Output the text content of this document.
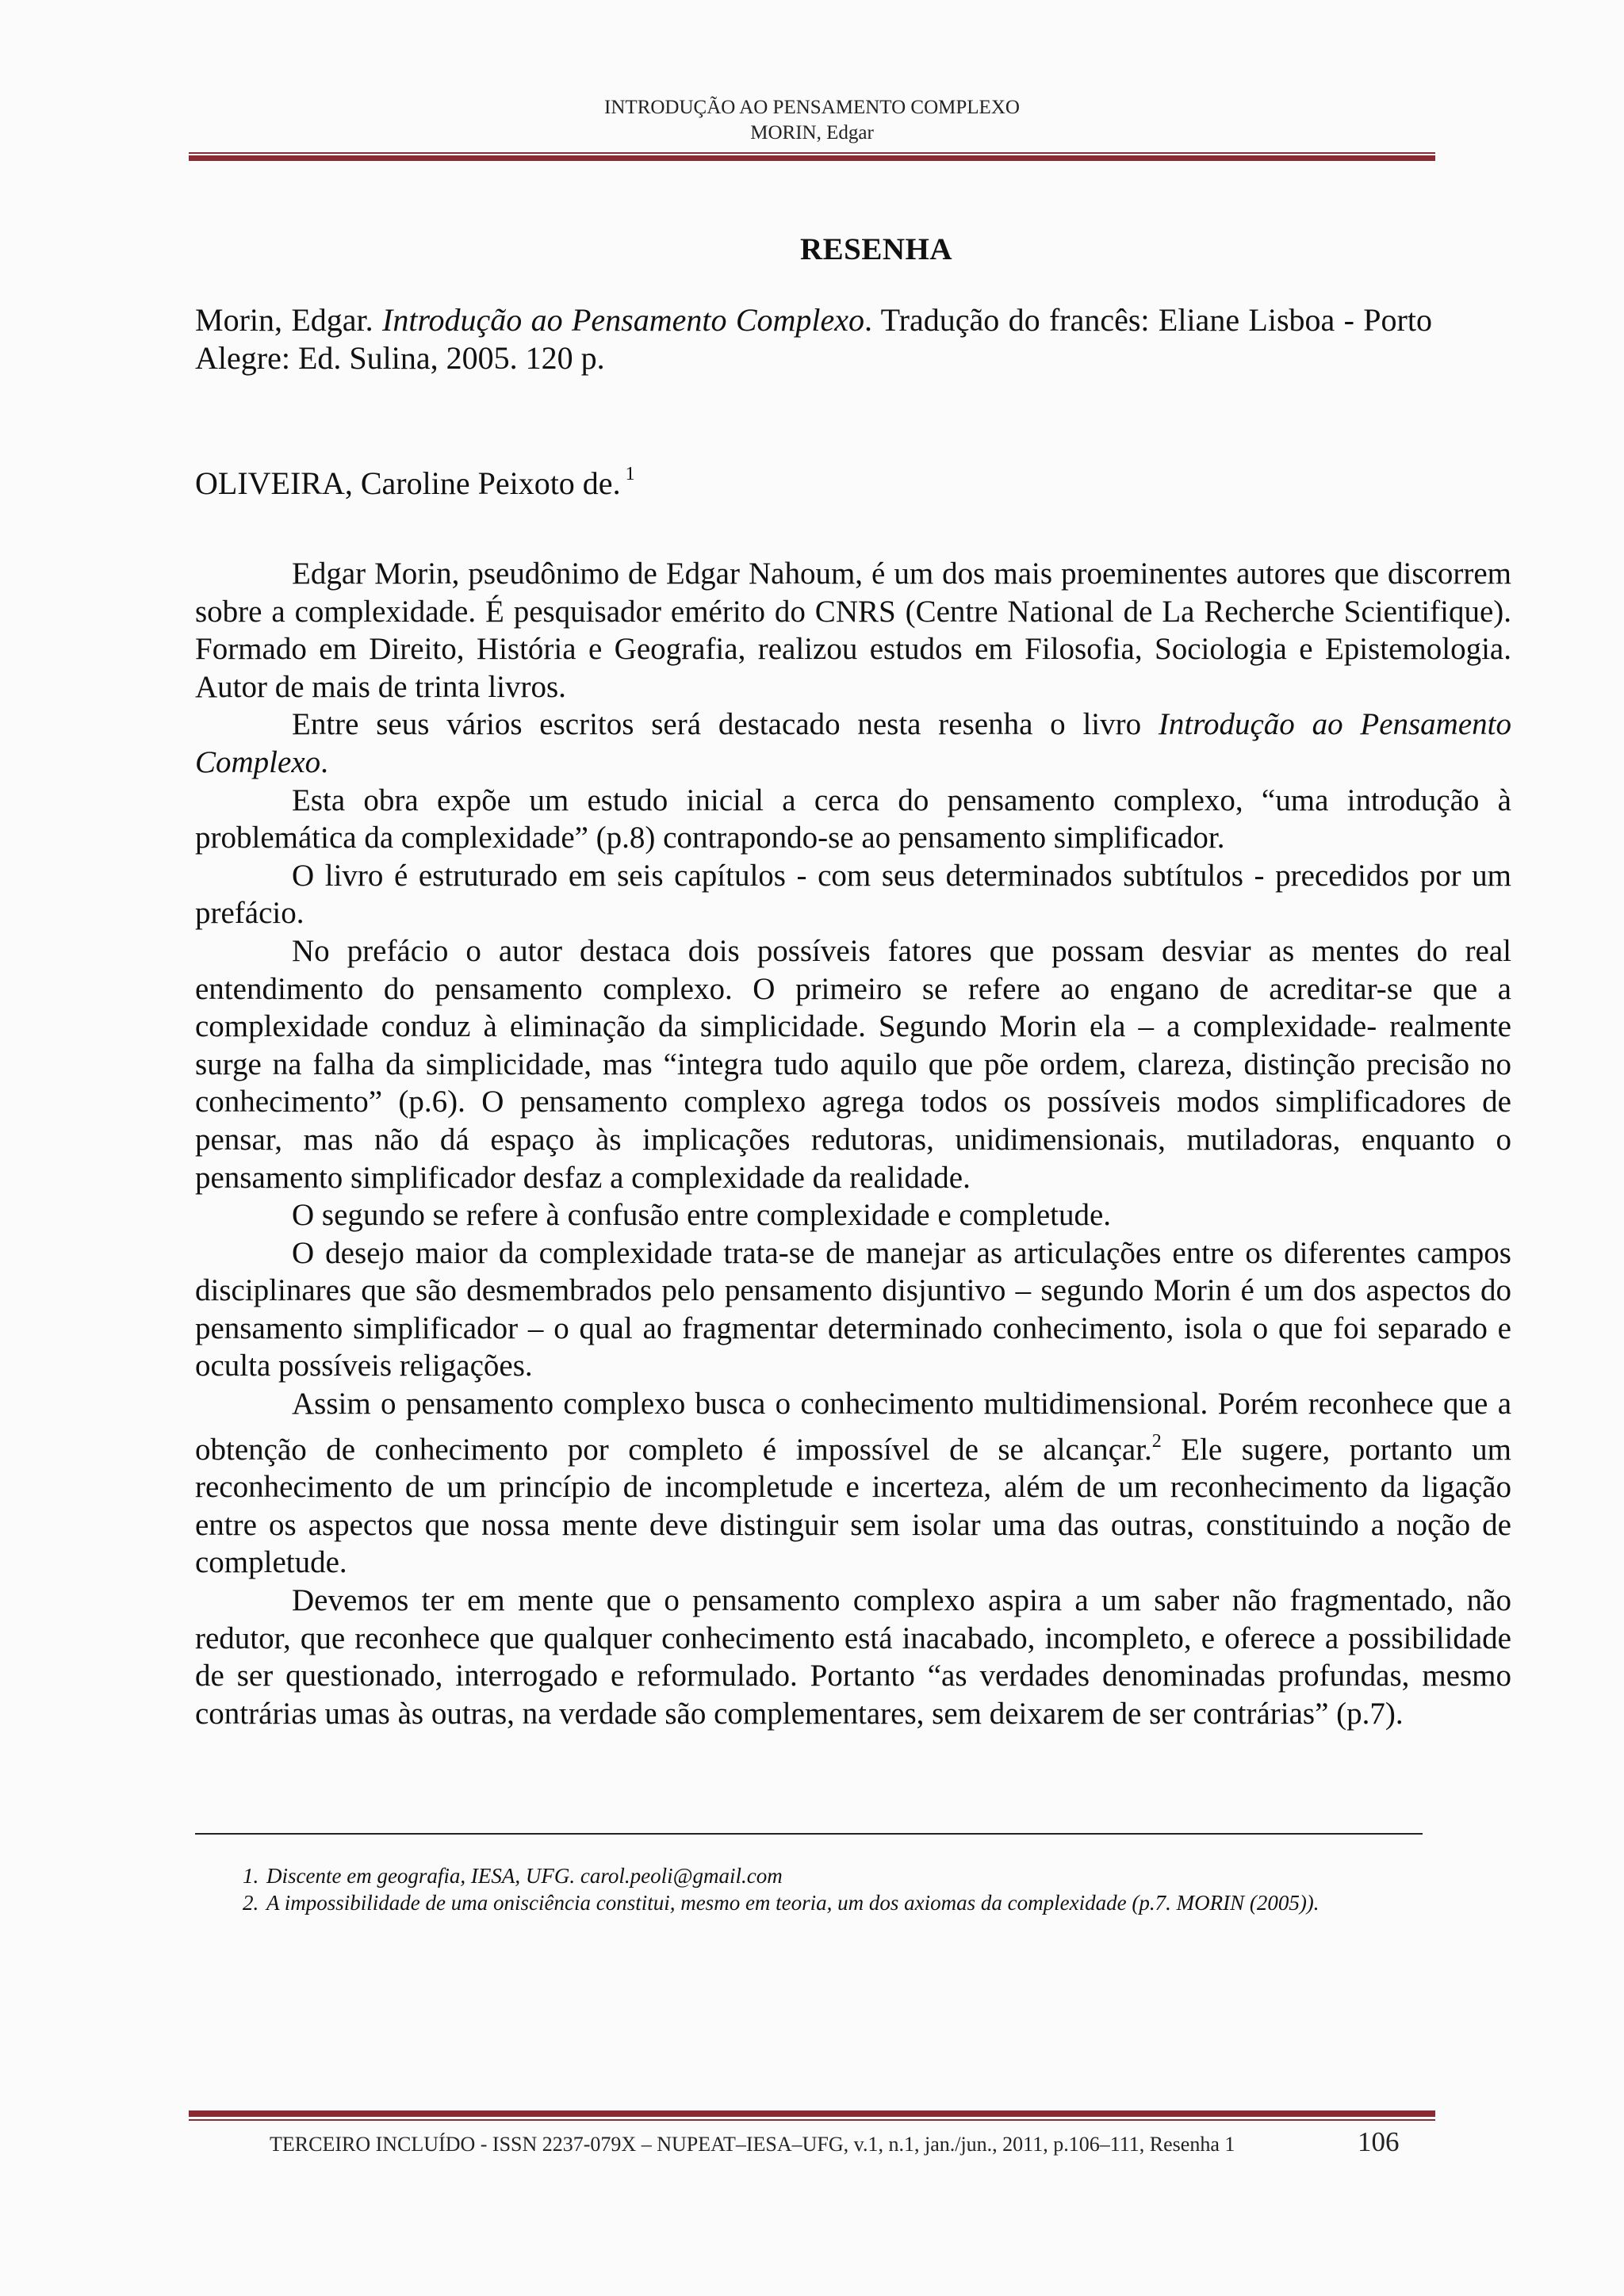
INTRODUÇÃO AO PENSAMENTO COMPLEXO
MORIN, Edgar
RESENHA
Morin, Edgar. Introdução ao Pensamento Complexo. Tradução do francês: Eliane Lisboa - Porto Alegre: Ed. Sulina, 2005. 120 p.
OLIVEIRA, Caroline Peixoto de. $^1$

Edgar Morin, pseudônimo de Edgar Nahoum, é um dos mais proeminentes autores que discorrem sobre a complexidade. É pesquisador emérito do CNRS (Centre National de La Recherche Scientifique). Formado em Direito, História e Geografia, realizou estudos em Filosofia, Sociologia e Epistemologia. Autor de mais de trinta livros.

Entre seus vários escritos será destacado nesta resenha o livro Introdução ao Pensamento Complexo.

Esta obra expõe um estudo inicial a cerca do pensamento complexo, “uma introdução à problemática da complexidade” (p.8) contrapondo-se ao pensamento simplificador.

O livro é estruturado em seis capítulos - com seus determinados subtítulos - precedidos por um prefácio.

No prefácio o autor destaca dois possíveis fatores que possam desviar as mentes do real entendimento do pensamento complexo. O primeiro se refere ao engano de acreditar-se que a complexidade conduz à eliminação da simplicidade. Segundo Morin ela – a complexidade- realmente surge na falha da simplicidade, mas “integra tudo aquilo que põe ordem, clareza, distinção precisão no conhecimento” (p.6). O pensamento complexo agrega todos os possíveis modos simplificadores de pensar, mas não dá espaço às implicações redutoras, unidimensionais, mutiladoras, enquanto o pensamento simplificador desfaz a complexidade da realidade.

O segundo se refere à confusão entre complexidade e completude.

O desejo maior da complexidade trata-se de manejar as articulações entre os diferentes campos disciplinares que são desmembrados pelo pensamento disjuntivo – segundo Morin é um dos aspectos do pensamento simplificador – o qual ao fragmentar determinado conhecimento, isola o que foi separado e oculta possíveis religações.

Assim o pensamento complexo busca o conhecimento multidimensional. Porém reconhece que a obtenção de conhecimento por completo é impossível de se alcançar.$^2$ Ele sugere, portanto um reconhecimento de um princípio de incompletude e incerteza, além de um reconhecimento da ligação entre os aspectos que nossa mente deve distinguir sem isolar uma das outras, constituindo a noção de completude.

Devemos ter em mente que o pensamento complexo aspira a um saber não fragmentado, não redutor, que reconhece que qualquer conhecimento está inacabado, incompleto, e oferece a possibilidade de ser questionado, interrogado e reformulado. Portanto “as verdades denominadas profundas, mesmo contrárias umas às outras, na verdade são complementares, sem deixarem de ser contrárias” (p.7).

1. Discente em geografia, IESA, UFG. carol.peoli@gmail.com
2. A impossibilidade de uma onisciência constitui, mesmo em teoria, um dos axiomas da complexidade (p.7. MORIN (2005)).
TERCEIRO INCLUÍDO - ISSN 2237-079X – NUPEAT–IESA–UFG, v.1, n.1, jan./jun., 2011, p.106–111, Resenha 1	106
